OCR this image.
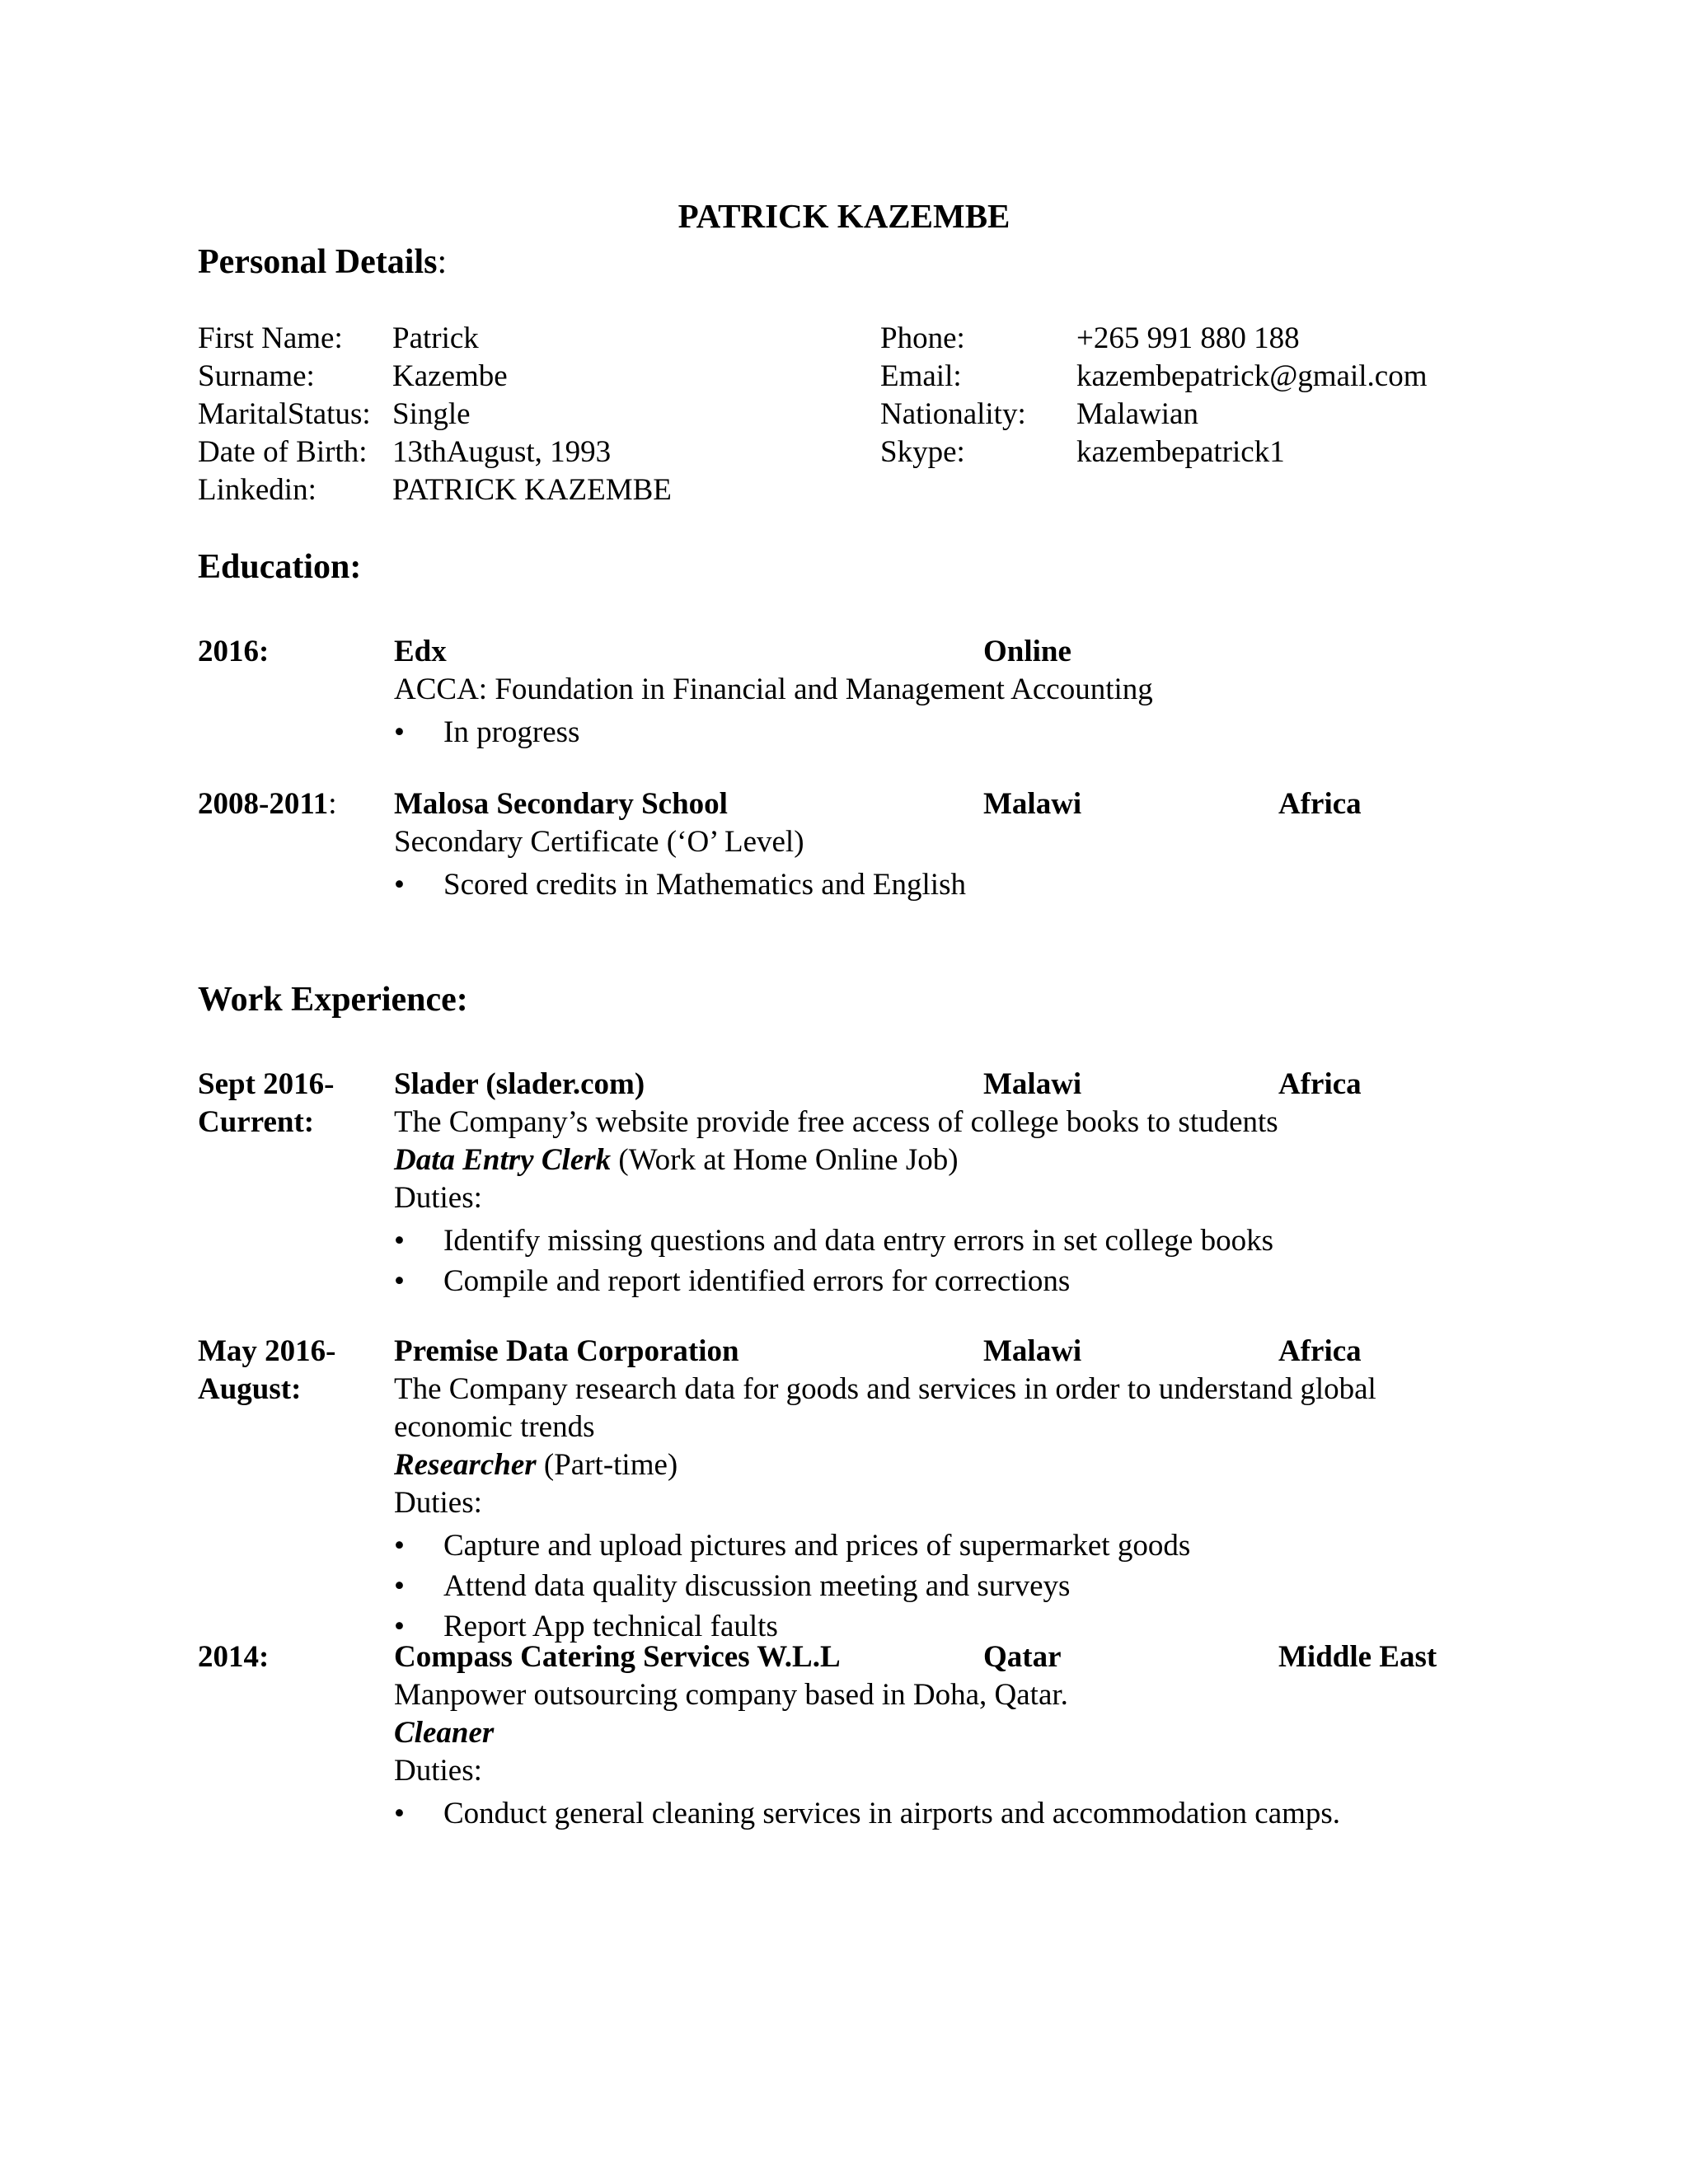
PATRICK KAZEMBE
Personal Details:
First Name: Patrick
Surname:	Kazembe
MaritalStatus: Single
Date of Birth: 13thAugust, 1993
Linkedin: PATRICK KAZEMBE
Phone:	+265 991 880 188
Email:	kazembepatrick@gmail.com
Nationality: Malawian
Skype:	kazembepatrick1
Education:
2016:	Edx	Online
ACCA: Foundation in Financial and Management Accounting
• In progress
2008-2011:	Malosa Secondary School	Malawi	Africa
Secondary Certificate (‘O’ Level)
• Scored credits in Mathematics and English
Work Experience:
Sept 2016-
Current:
Slader (slader.com)	Malawi	Africa
The Company’s website provide free access of college books to students
Data Entry Clerk (Work at Home Online Job)
Duties:
• Identify missing questions and data entry errors in set college books
• Compile and report identified errors for corrections
May 2016-
August:
Premise Data Corporation	Malawi	Africa
The Company research data for goods and services in order to understand global economic trends
Researcher (Part-time)
Duties:
• Capture and upload pictures and prices of supermarket goods
• Attend data quality discussion meeting and surveys
• Report App technical faults
2014:	Compass Catering Services W.L.L	Qatar	Middle East
Manpower outsourcing company based in Doha, Qatar.
Cleaner
Duties:
• Conduct general cleaning services in airports and accommodation camps.
